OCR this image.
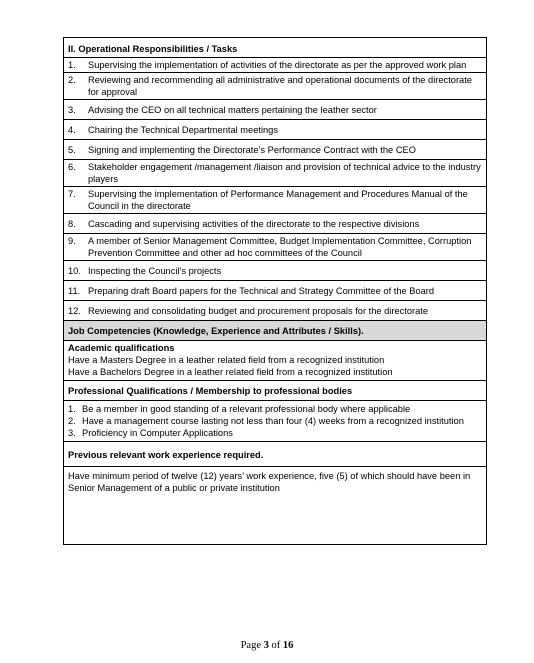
II. Operational Responsibilities / Tasks

1.	Supervising the implementation of activities of the directorate as per the approved work plan

2.	Reviewing and recommending all administrative and operational documents of the directorate for approval

3.	Advising the CEO on all technical matters pertaining the leather sector

4.	Chairing the Technical Departmental meetings

5.	Signing and implementing the Directorate’s Performance Contract with the CEO

6.	Stakeholder engagement /management /liaison and provision of technical advice to the industry players

7.	Supervising the implementation of Performance Management and Procedures Manual of the Council in the directorate

8.	Cascading and supervising activities of the directorate to the respective divisions

9.	A member of Senior Management Committee, Budget Implementation Committee, Corruption Prevention Committee and other ad hoc committees of the Council

10. Inspecting the Council’s projects

11. Preparing draft Board papers for the Technical and Strategy Committee of the Board

12. Reviewing and consolidating budget and procurement proposals for the directorate

Job Competencies (Knowledge, Experience and Attributes / Skills).

Academic qualifications
Have a Masters Degree in a leather related field from a recognized institution
Have a Bachelors Degree in a leather related field from a recognized institution

Professional Qualifications / Membership to professional bodies

1. Be a member in good standing of a relevant professional body where applicable
2. Have a management course lasting not less than four (4) weeks from a recognized institution
3. Proficiency in Computer Applications

Previous relevant work experience required.
Have minimum period of twelve (12) years’ work experience, five (5) of which should have been in Senior Management of a public or private institution
Page 3 of 16
